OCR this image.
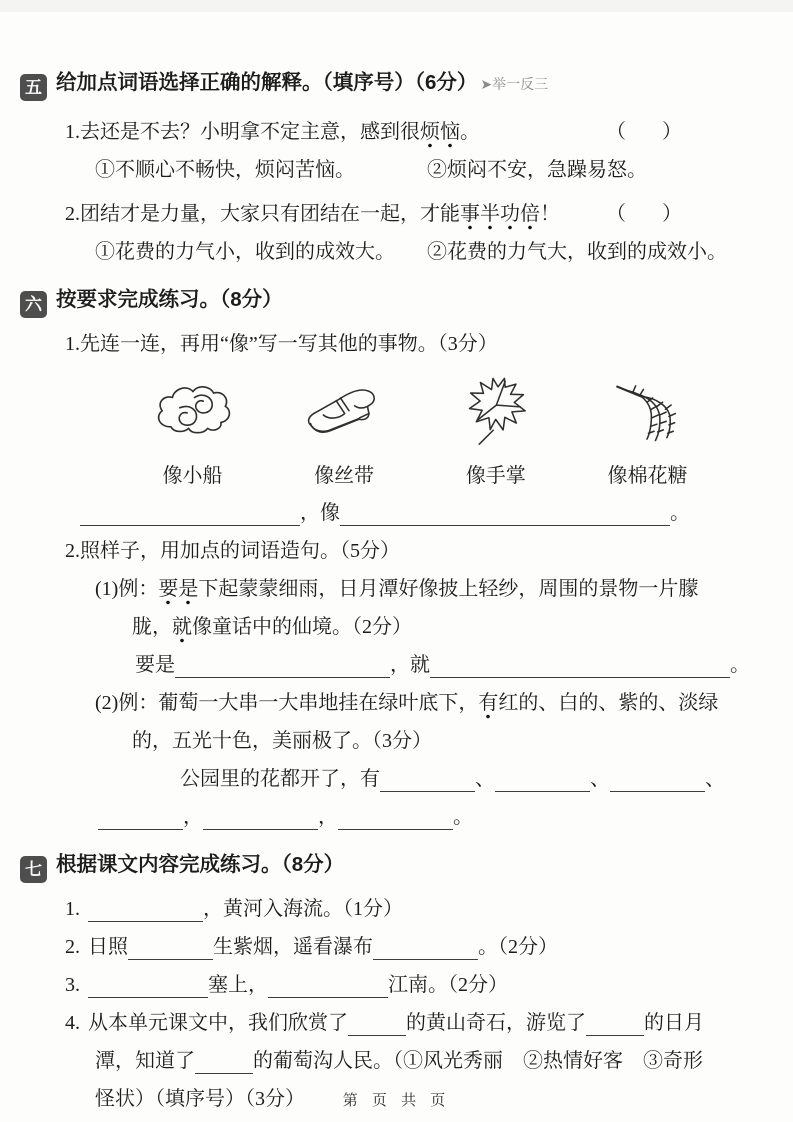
五 给加点词语选择正确的解释。（填序号）（6分） ➤举一反三
1.去还是不去？小明拿不定主意，感到很烦恼。	（　）
①不顺心不畅快，烦闷苦恼。	②烦闷不安，急躁易怒。
2.团结才是力量，大家只有团结在一起，才能事半功倍！ （　）
①花费的力气小，收到的成效大。 ②花费的力气大，收到的成效小。
六 按要求完成练习。（8分）
1.先连一连，再用“像”写一写其他的事物。（3分）
像小船	像丝带	像手掌	像棉花糖
，像	。
2.照样子，用加点的词语造句。（5分）
(1)例：要是下起蒙蒙细雨，日月潭好像披上轻纱，周围的景物一片朦
胧，就像童话中的仙境。（2分）
要是	，就	。
(2)例：葡萄一大串一大串地挂在绿叶底下，有红的、白的、紫的、淡绿
的，五光十色，美丽极了。（3分）
公园里的花都开了，有	、	、	、
，	，	。
七 根据课文内容完成练习。（8分）
1.	，黄河入海流。（1分）
2. 日照	生紫烟，遥看瀑布	。（2分）
3.	塞上，	江南。（2分）
4. 从本单元课文中，我们欣赏了	的黄山奇石，游览了	的日月
潭，知道了	的葡萄沟人民。（①风光秀丽　②热情好客　③奇形
怪状）（填序号）（3分）	第 页 共 页
